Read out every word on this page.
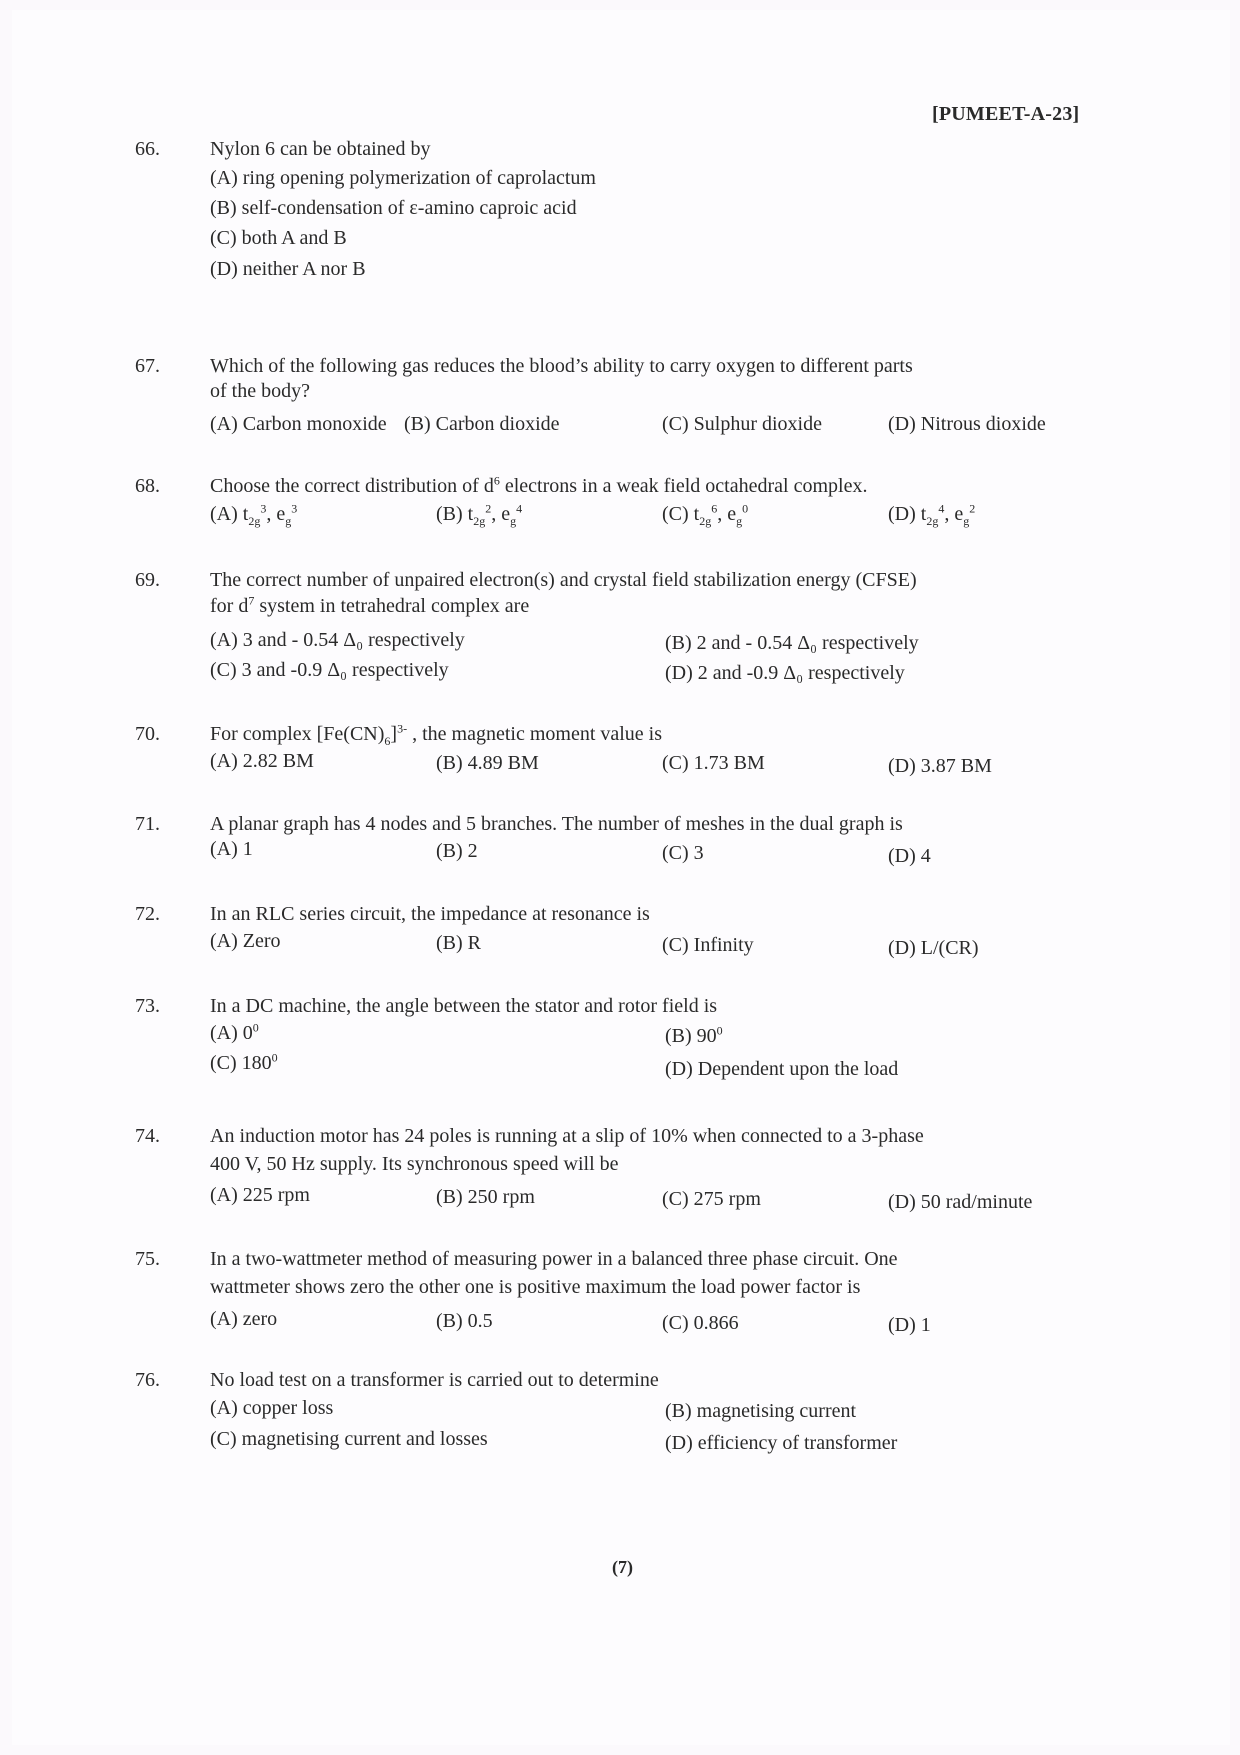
[PUMEET-A-23]
66.	Nylon 6 can be obtained by
(A) ring opening polymerization of caprolactum
(B) self-condensation of ε-amino caproic acid
(C) both A and B
(D) neither A nor B
67.	Which of the following gas reduces the blood’s ability to carry oxygen to different parts
of the body?
(A) Carbon monoxide (B) Carbon dioxide	(C) Sulphur dioxide	(D) Nitrous dioxide
68.	Choose the correct distribution of $d^6$ electrons in a weak field octahedral complex.
(A) $t_{2g}^3$, $e_g^3$	(B) $t_{2g}^2$, $e_g^4$	(C) $t_{2g}^6$, $e_g^0$	(D) $t_{2g}^4$, $e_g^2$
69.	The correct number of unpaired electron(s) and crystal field stabilization energy (CFSE)
for $d^7$ system in tetrahedral complex are
(A) 3 and - 0.54 Δ₀ respectively	(B) 2 and - 0.54 Δ₀ respectively
(C) 3 and -0.9 Δ₀ respectively	(D) 2 and -0.9 Δ₀ respectively
70.	For complex $[Fe(CN)_6]^{3-}$ , the magnetic moment value is
(A) 2.82 BM	(B) 4.89 BM	(C) 1.73 BM	(D) 3.87 BM
71.	A planar graph has 4 nodes and 5 branches. The number of meshes in the dual graph is
(A) 1	(B) 2	(C) 3	(D) 4
72.	In an RLC series circuit, the impedance at resonance is
(A) Zero	(B) R	(C) Infinity	(D) L/(CR)
73.	In a DC machine, the angle between the stator and rotor field is
(A) $0^0$	(B) $90^0$
(C) $180^0$
(D) Dependent upon the load
74.	An induction motor has 24 poles is running at a slip of 10% when connected to a 3-phase
400 V, 50 Hz supply. Its synchronous speed will be
(A) 225 rpm	(B) 250 rpm	(C) 275 rpm	(D) 50 rad/minute
75.	In a two-wattmeter method of measuring power in a balanced three phase circuit. One
wattmeter shows zero the other one is positive maximum the load power factor is
(A) zero	(B) 0.5	(C) 0.866	(D) 1
76.	No load test on a transformer is carried out to determine
(A) copper loss	(B) magnetising current
(C) magnetising current and losses	(D) efficiency of transformer
(7)
